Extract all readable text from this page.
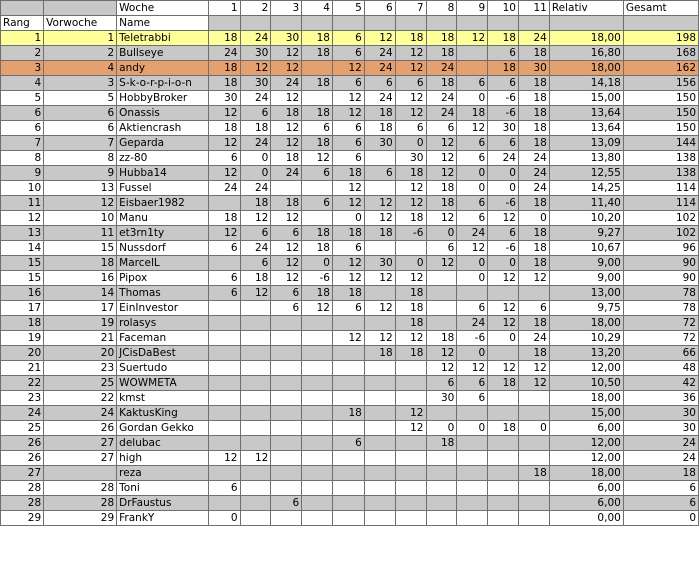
		Woche	1	2	3	4	5	6	7	8	9	10	11	Relativ	Gesamt
Rang	Vorwoche	Name													
1	1	Teletrabbi	18	24	30	18	6	12	18	18	12	18	24	18,00	198
2	2	Bullseye	24	30	12	18	6	24	12	18		6	18	16,80	168
3	4	andy	18	12	12		12	24	12	24		18	30	18,00	162
4	3	S-k-o-r-p-i-o-n	18	30	24	18	6	6	6	18	6	6	18	14,18	156
5	5	HobbyBroker	30	24	12		12	24	12	24	0	-6	18	15,00	150
6	6	Onassis	12	6	18	18	12	18	12	24	18	-6	18	13,64	150
6	6	Aktiencrash	18	18	12	6	6	18	6	6	12	30	18	13,64	150
7	7	Geparda	12	24	12	18	6	30	0	12	6	6	18	13,09	144
8	8	zz-80	6	0	18	12	6		30	12	6	24	24	13,80	138
9	9	Hubba14	12	0	24	6	18	6	18	12	0	0	24	12,55	138
10	13	Fussel	24	24			12		12	18	0	0	24	14,25	114
11	12	Eisbaer1982		18	18	6	12	12	12	18	6	-6	18	11,40	114
12	10	Manu	18	12	12		0	12	18	12	6	12	0	10,20	102
13	11	et3rn1ty	12	6	6	18	18	18	-6	0	24	6	18	9,27	102
14	15	Nussdorf	6	24	12	18	6			6	12	-6	18	10,67	96
15	18	MarcelL		6	12	0	12	30	0	12	0	0	18	9,00	90
15	16	Pipox	6	18	12	-6	12	12	12		0	12	12	9,00	90
16	14	Thomas	6	12	6	18	18		18					13,00	78
17	17	EinInvestor			6	12	6	12	18		6	12	6	9,75	78
18	19	rolasys							18		24	12	18	18,00	72
19	21	Faceman					12	12	12	18	-6	0	24	10,29	72
20	20	JCisDaBest						18	18	12	0		18	13,20	66
21	23	Suertudo								12	12	12	12	12,00	48
22	25	WOWMETA								6	6	18	12	10,50	42
23	22	kmst								30	6			18,00	36
24	24	KaktusKing					18		12					15,00	30
25	26	Gordan Gekko							12	0	0	18	0	6,00	30
26	27	delubac					6			18				12,00	24
26	27	high	12	12										12,00	24
27		reza											18	18,00	18
28	28	Toni	6											6,00	6
28	28	DrFaustus			6									6,00	6
29	29	FrankY	0											0,00	0
